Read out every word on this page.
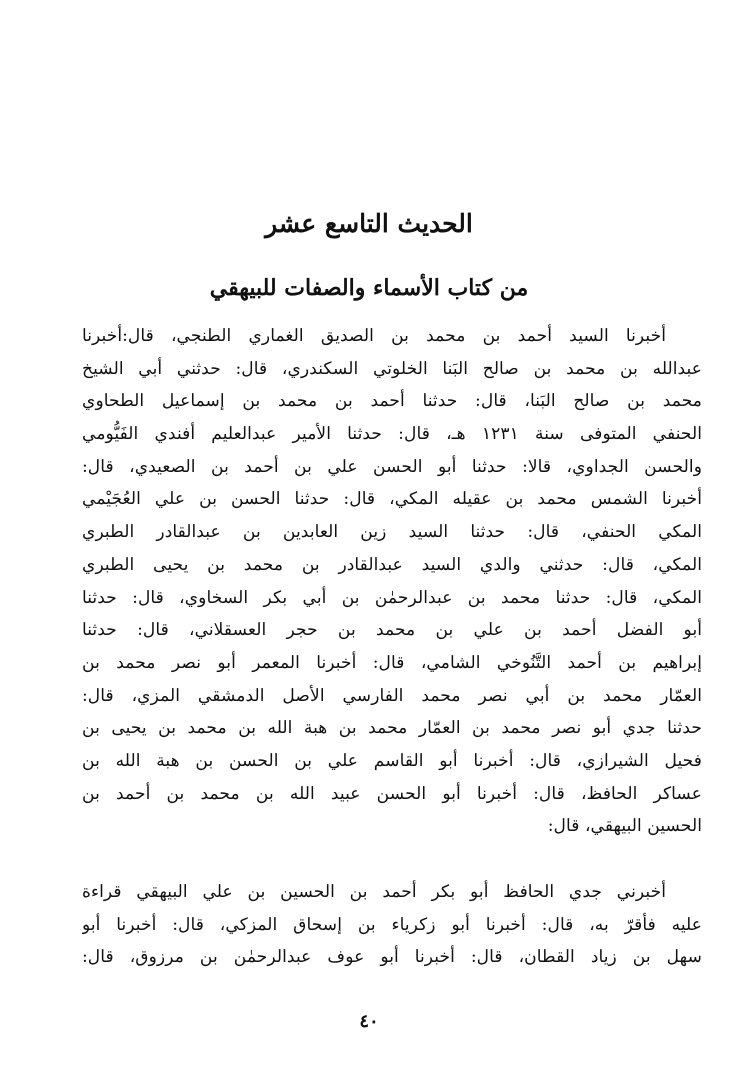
الحديث التاسع عشر
من كتاب الأسماء والصفات للبيهقي
أخبرنا السيد أحمد بن محمد بن الصديق الغماري الطنجي، قال:أخبرنا
عبدالله بن محمد بن صالح البَنا الخلوتي السكندري، قال: حدثني أبي الشيخ
محمد بن صالح البَنا، قال: حدثنا أحمد بن محمد بن إسماعيل الطحاوي
الحنفي المتوفى سنة ١٢٣١ هـ، قال: حدثنا الأمير عبدالعليم أفندي الفَيُّومي
والحسن الجداوي، قالا: حدثنا أبو الحسن علي بن أحمد بن الصعيدي، قال:
أخبرنا الشمس محمد بن عقيله المكي، قال: حدثنا الحسن بن علي العُجَيْمي
المكي الحنفي، قال: حدثنا السيد زين العابدين بن عبدالقادر الطبري
المكي، قال: حدثني والدي السيد عبدالقادر بن محمد بن يحيى الطبري
المكي، قال: حدثنا محمد بن عبدالرحمٰن بن أبي بكر السخاوي، قال: حدثنا
أبو الفضل أحمد بن علي بن محمد بن حجر العسقلاني، قال: حدثنا
إبراهيم بن أحمد التَّنُوخي الشامي، قال: أخبرنا المعمر أبو نصر محمد بن
العمّار محمد بن أبي نصر محمد الفارسي الأصل الدمشقي المزي، قال:
حدثنا جدي أبو نصر محمد بن العمّار محمد بن هبة الله بن محمد بن يحيى بن
فحيل الشيرازي، قال: أخبرنا أبو القاسم علي بن الحسن بن هبة الله بن
عساكر الحافظ، قال: أخبرنا أبو الحسن عبيد الله بن محمد بن أحمد بن
الحسين البيهقي، قال:
أخبرني جدي الحافظ أبو بكر أحمد بن الحسين بن علي البيهقي قراءة
عليه فأقرّ به، قال: أخبرنا أبو زكرياء بن إسحاق المزكي، قال: أخبرنا أبو
سهل بن زياد القطان، قال: أخبرنا أبو عوف عبدالرحمٰن بن مرزوق، قال:
٤٠
